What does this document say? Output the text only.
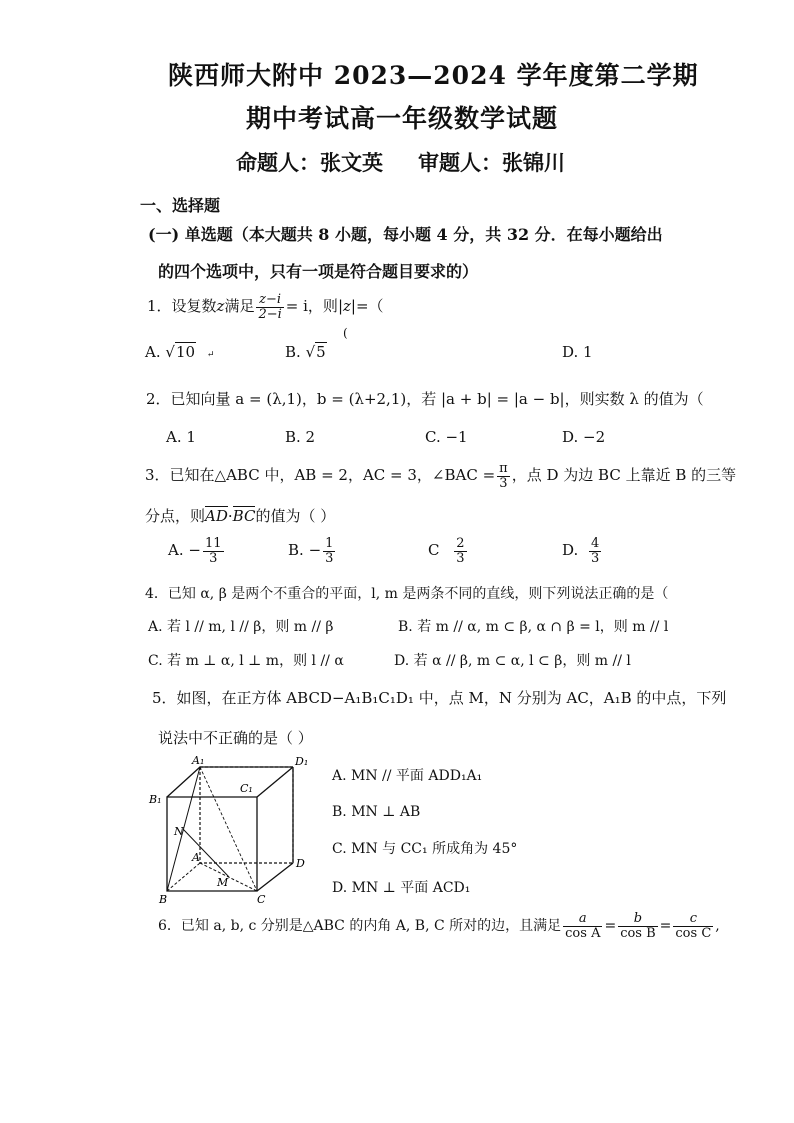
陕西师大附中 2023—2024 学年度第二学期
期中考试高一年级数学试题
命题人：张文英 审题人：张锦川
一、选择题
(一) 单选题（本大题共 8 小题，每小题 4 分，共 32 分．在每小题给出
的四个选项中，只有一项是符合题目要求的）
1．设复数z满足 $\frac{z-i}{2-i} = i$，则|z|=（
(
A. √10 ↵	B. √5	D. 1
2．已知向量 a = (λ,1)，b = (λ+2,1)，若 |a + b| = |a − b|，则实数 λ 的值为（
A. 1	B. 2	C. −1	D. −2
3．已知在△ABC 中，AB = 2，AC = 3，∠BAC = $\frac{\pi}{3}$ ，点 D 为边 BC 上靠近 B 的三等
分点，则AD·BC的值为（ ）
A. − $\frac{11}{3}$	B. − $\frac{1}{3}$	C $\frac{2}{3}$	D. $\frac{4}{3}$
4．已知 α, β 是两个不重合的平面，l, m 是两条不同的直线，则下列说法正确的是（
A. 若 l // m, l // β，则 m // β	B. 若 m // α, m ⊂ β, α ∩ β = l，则 m // l
C. 若 m ⊥ α, l ⊥ m，则 l // α	D. 若 α // β, m ⊂ α, l ⊂ β，则 m // l
5．如图，在正方体 ABCD−A₁B₁C₁D₁ 中，点 M，N 分别为 AC，A₁B 的中点，下列
说法中不正确的是（ ）
A₁	D₁
B₁
C₁
N
A	D
M
B	C
A. MN // 平面 ADD₁A₁
B. MN ⊥ AB
C. MN 与 CC₁ 所成角为 45°
D. MN ⊥ 平面 ACD₁
6．已知 a, b, c 分别是△ABC 的内角 A, B, C 所对的边，且满足 $\frac{a}{\text{cos A}} = \frac{b}{\text{cos B}} = \frac{c}{\text{cos C}}$ ,
